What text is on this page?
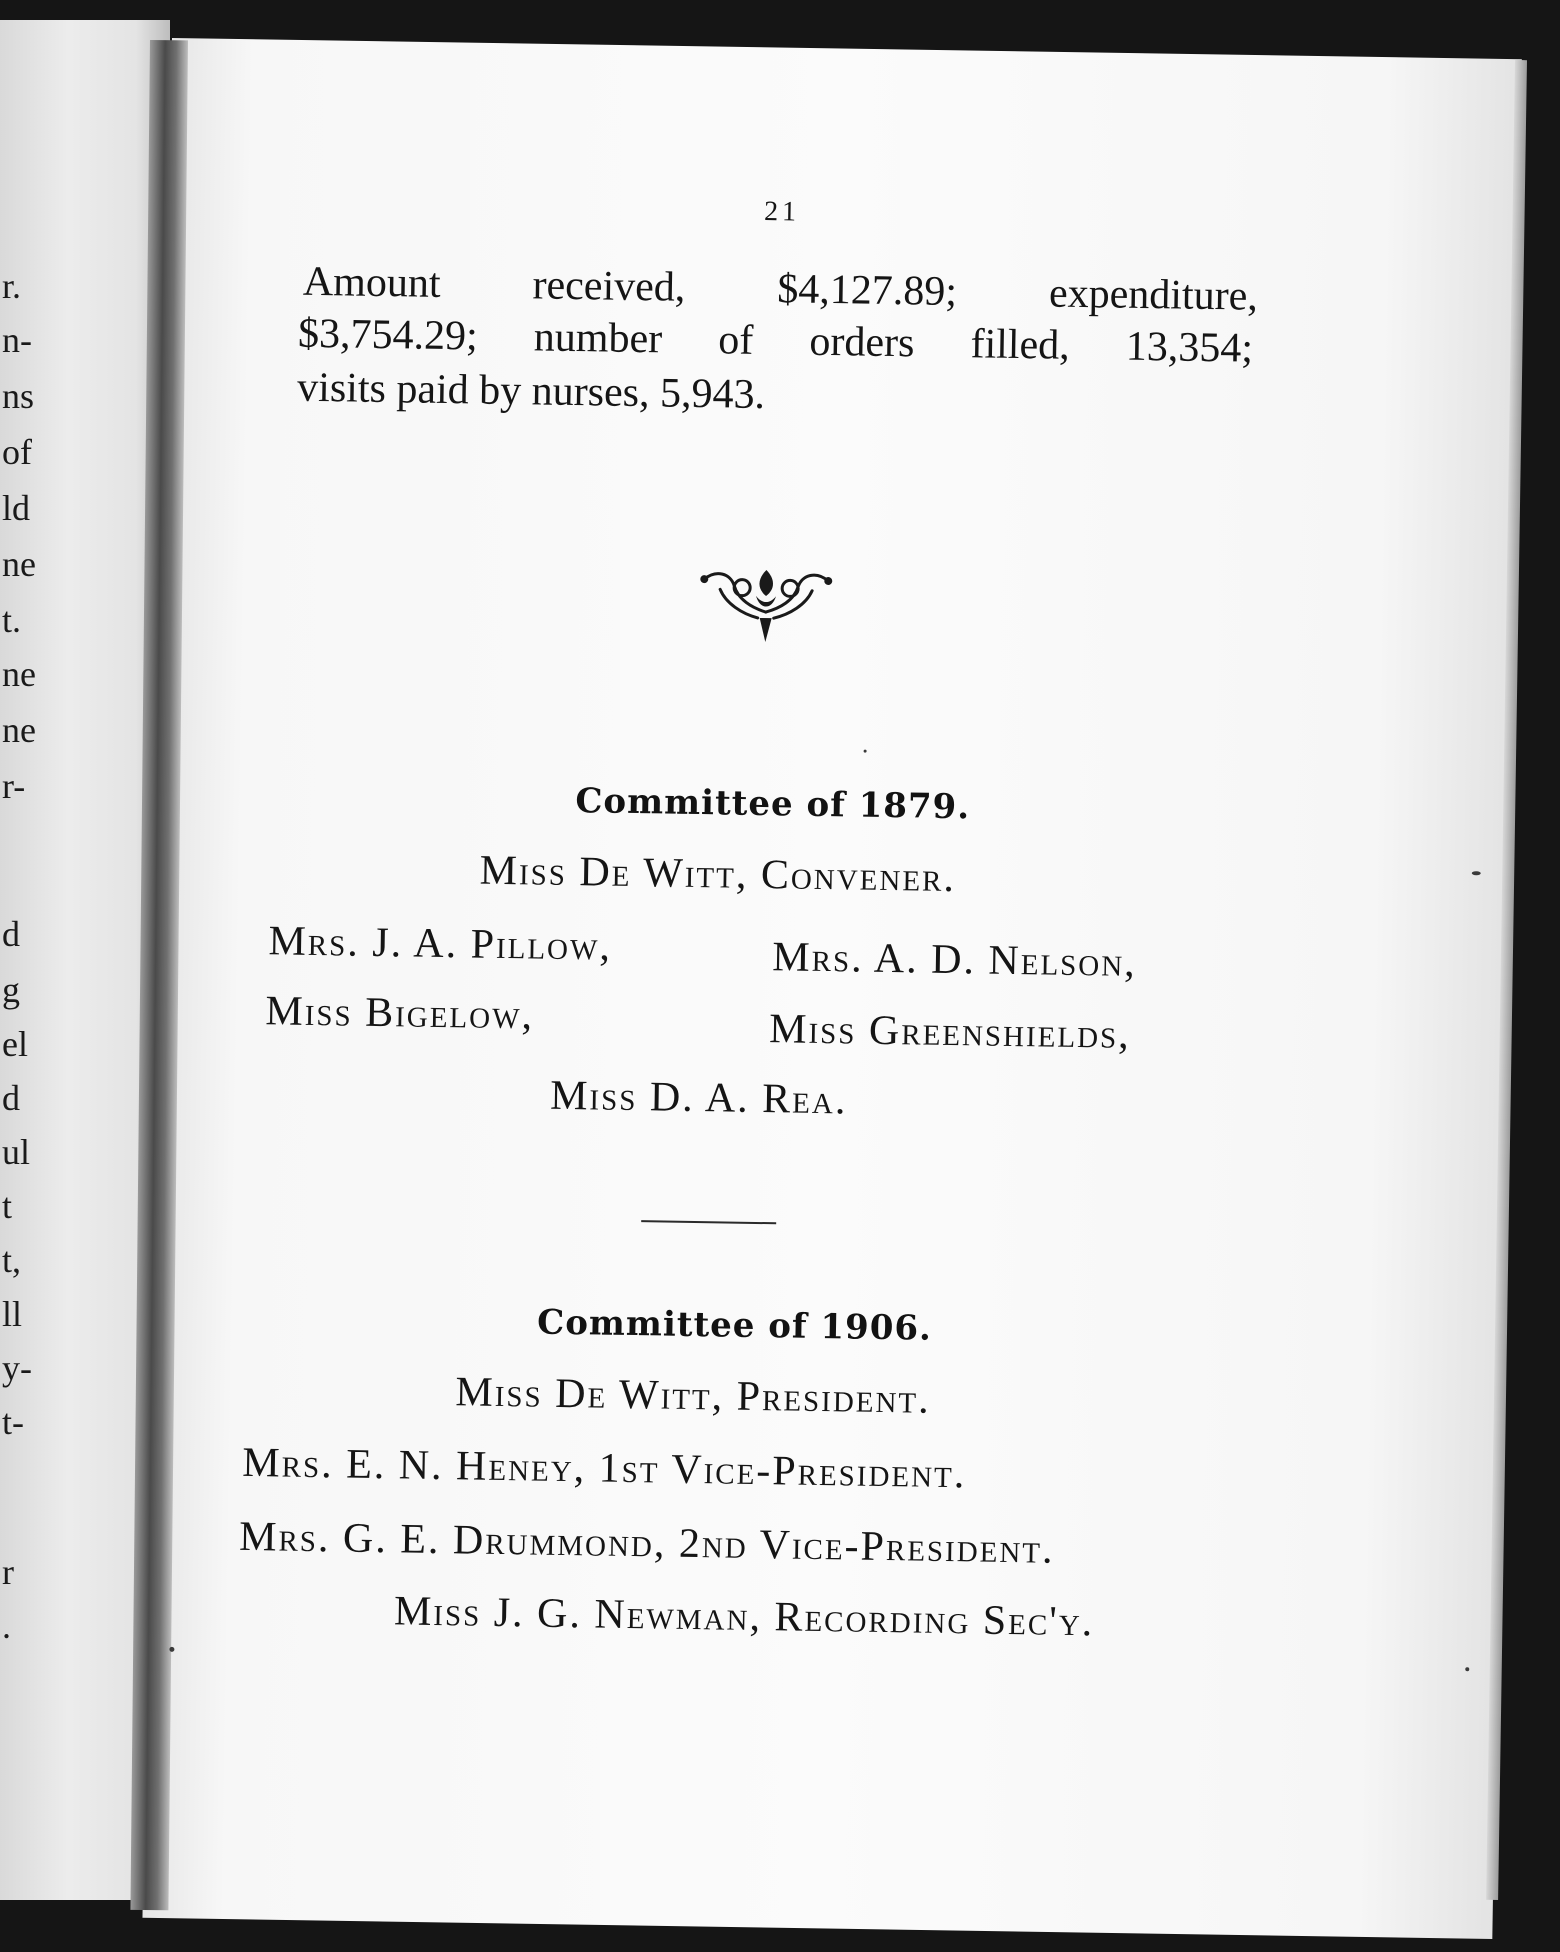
r.
n-
ns
of
ld
ne
t.
ne
ne
r-
d
g
el
d
ul
t
t,
ll
y-
t-
r
.
21
Amount received, $4,127.89; expenditure,
$3,754.29; number of orders filled, 13,354;
visits paid by nurses, 5,943.
Committee of 1879.
Miss De Witt, Convener.
Mrs. J. A. Pillow,	Mrs. A. D. Nelson,
Miss Bigelow,	Miss Greenshields,
Miss D. A. Rea.
Committee of 1906.
Miss De Witt, President.
Mrs. E. N. Heney, 1st Vice-President.
Mrs. G. E. Drummond, 2nd Vice-President.
Miss J. G. Newman, Recording Sec'y.
